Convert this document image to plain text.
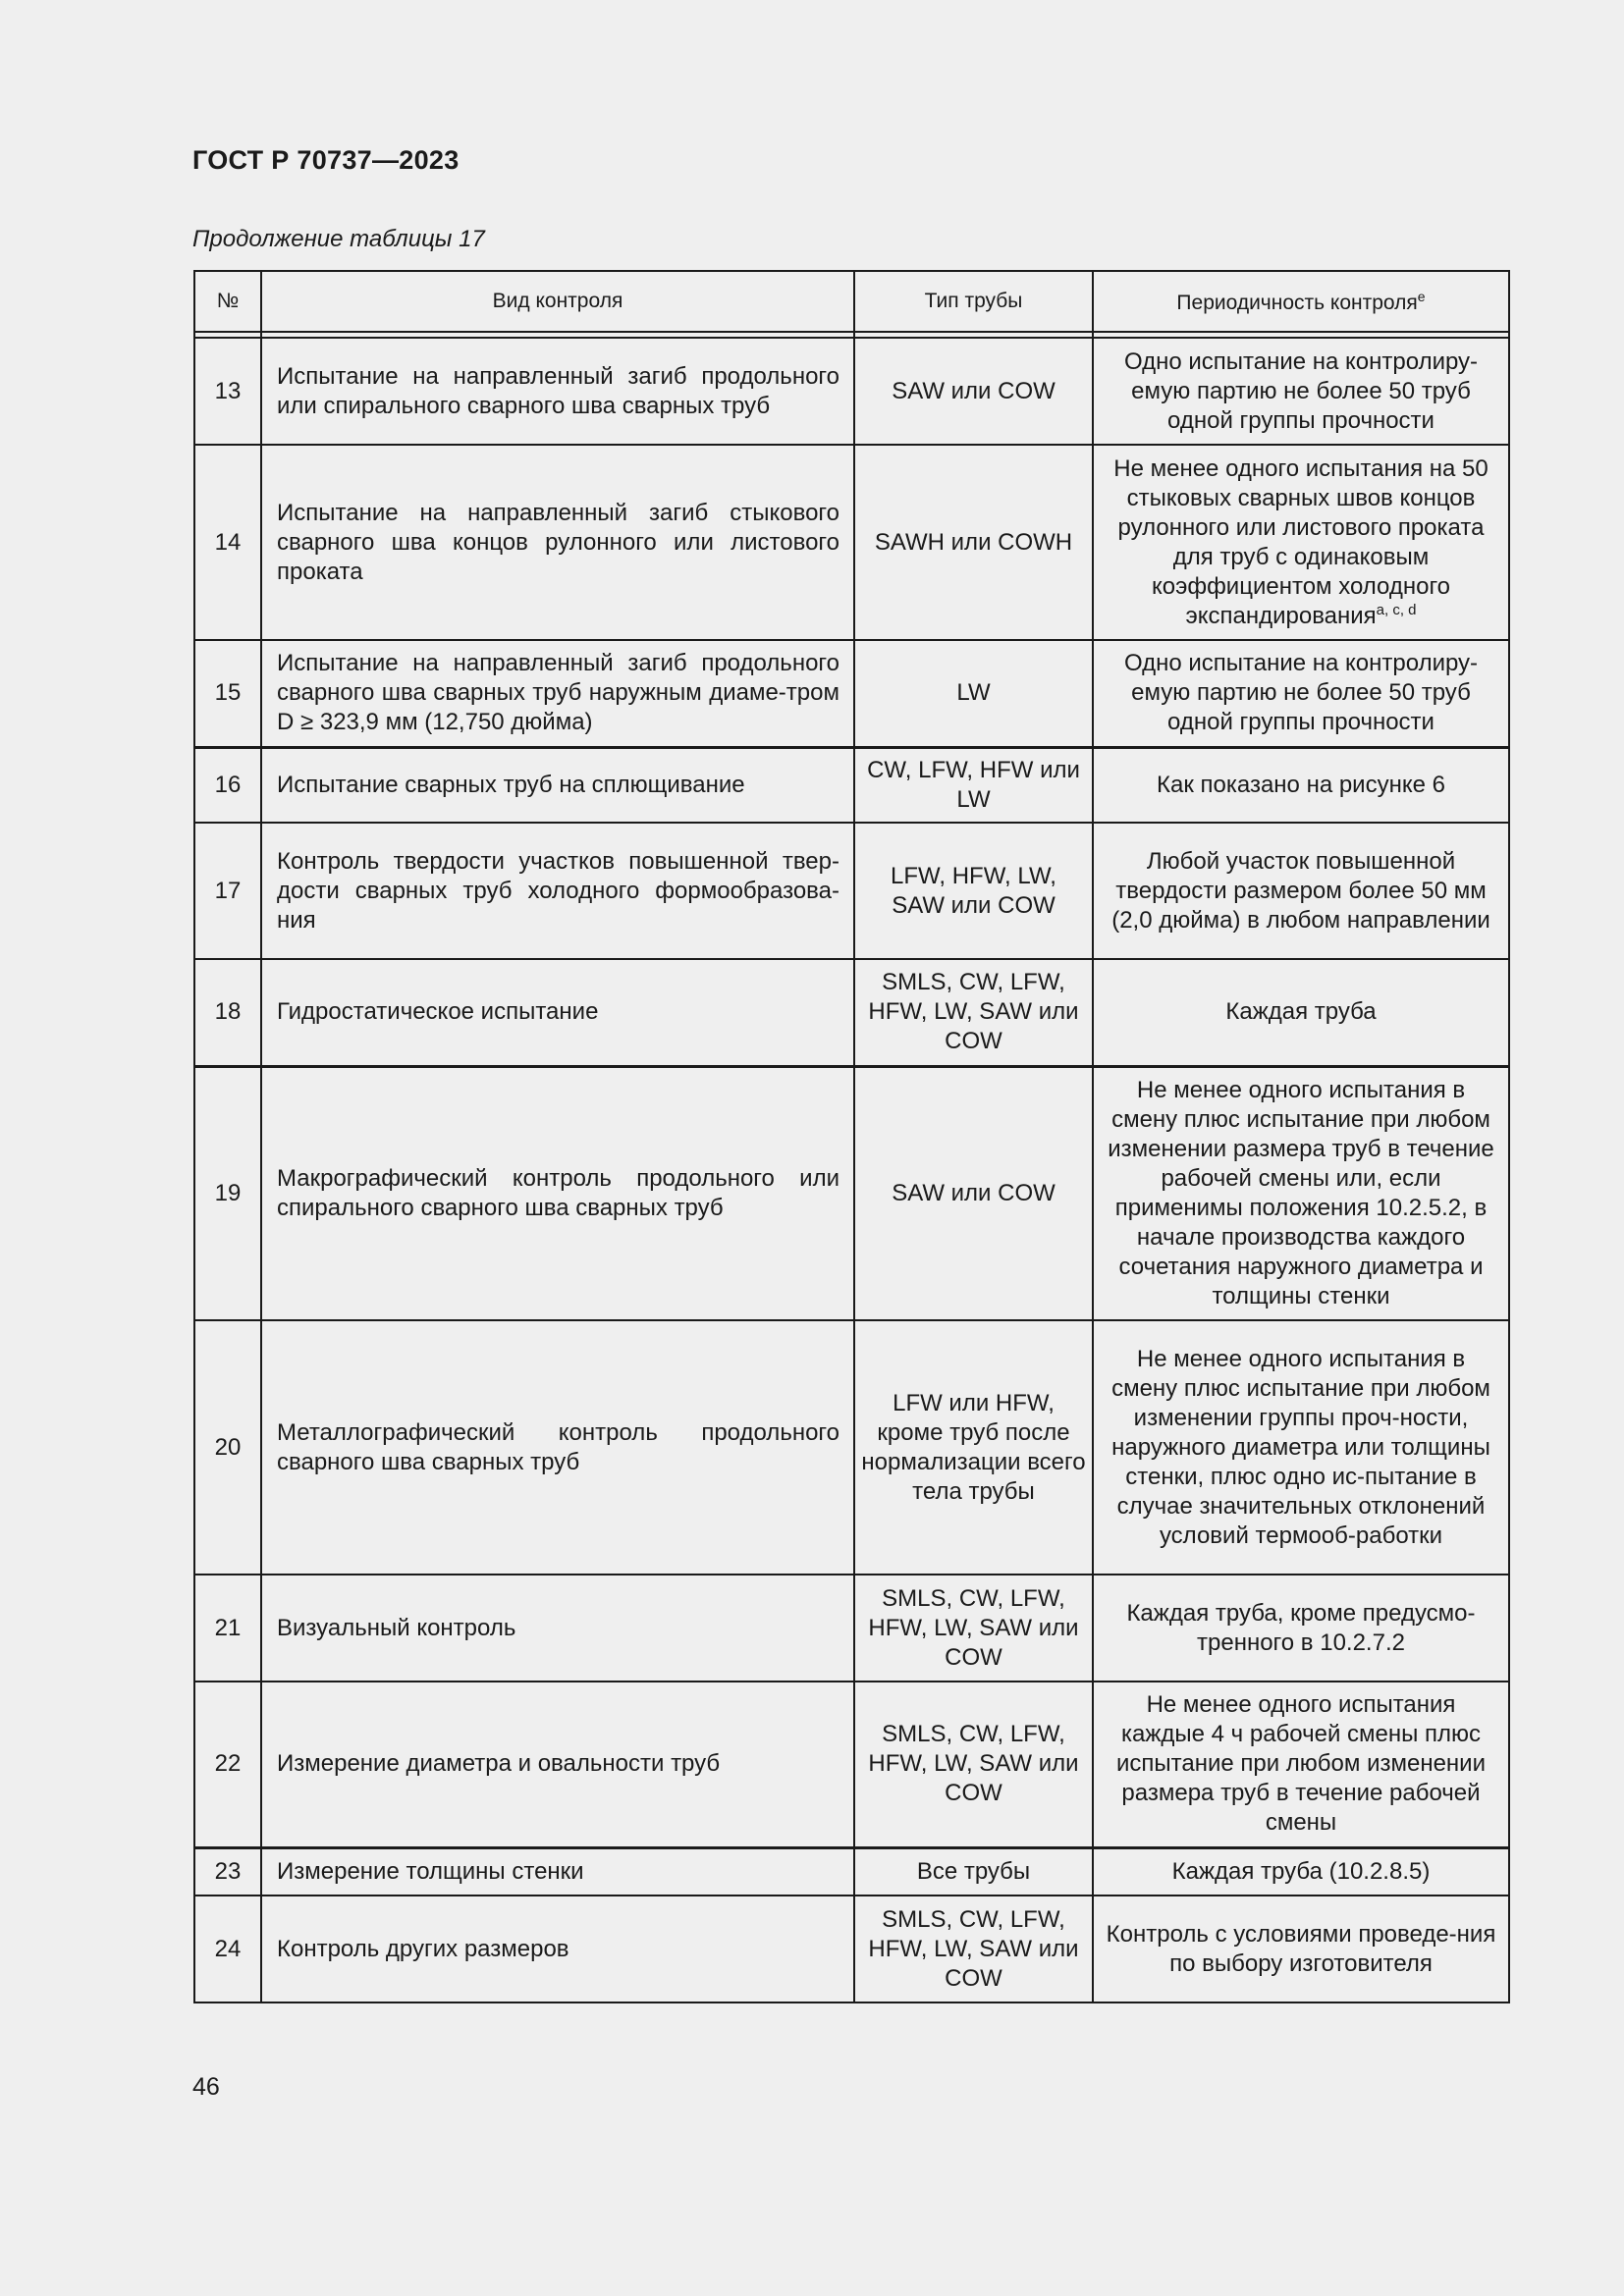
ГОСТ Р 70737—2023
Продолжение таблицы 17
№	Вид контроля	Тип трубы	Периодичность контроля$^е$

13	Испытание на направленный загиб продольного или спирального сварного шва сварных труб	SAW или COW	Одно испытание на контролиру-емую партию не более 50 труб одной группы прочности
14	Испытание на направленный загиб стыкового сварного шва концов рулонного или листового проката	SAWH или COWH	Не менее одного испытания на 50 стыковых сварных швов концов рулонного или листового проката для труб с одинаковым коэффициентом холодного экспандирования$^{a, c, d}$
15	Испытание на направленный загиб продольного сварного шва сварных труб наружным диаме-тром D ≥ 323,9 мм (12,750 дюйма)	LW	Одно испытание на контролиру-емую партию не более 50 труб одной группы прочности
16	Испытание сварных труб на сплющивание	CW, LFW, HFW или LW	Как показано на рисунке 6
17	Контроль твердости участков повышенной твер-дости сварных труб холодного формообразова-ния	LFW, HFW, LW, SAW или COW	Любой участок повышенной твердости размером более 50 мм (2,0 дюйма) в любом направлении
18	Гидростатическое испытание	SMLS, CW, LFW, HFW, LW, SAW или COW	Каждая труба
19	Макрографический контроль продольного или спирального сварного шва сварных труб	SAW или COW	Не менее одного испытания в смену плюс испытание при любом изменении размера труб в течение рабочей смены или, если применимы положения 10.2.5.2, в начале производства каждого сочетания наружного диаметра и толщины стенки
20	Металлографический контроль продольного сварного шва сварных труб	LFW или HFW, кроме труб после нормализации всего тела трубы	Не менее одного испытания в смену плюс испытание при любом изменении группы проч-ности, наружного диаметра или толщины стенки, плюс одно ис-пытание в случае значительных отклонений условий термооб-работки
21	Визуальный контроль	SMLS, CW, LFW, HFW, LW, SAW или COW	Каждая труба, кроме предусмо-тренного в 10.2.7.2
22	Измерение диаметра и овальности труб	SMLS, CW, LFW, HFW, LW, SAW или COW	Не менее одного испытания каждые 4 ч рабочей смены плюс испытание при любом изменении размера труб в течение рабочей смены
23	Измерение толщины стенки	Все трубы	Каждая труба (10.2.8.5)
24	Контроль других размеров	SMLS, CW, LFW, HFW, LW, SAW или COW	Контроль с условиями проведе-ния по выбору изготовителя
46
